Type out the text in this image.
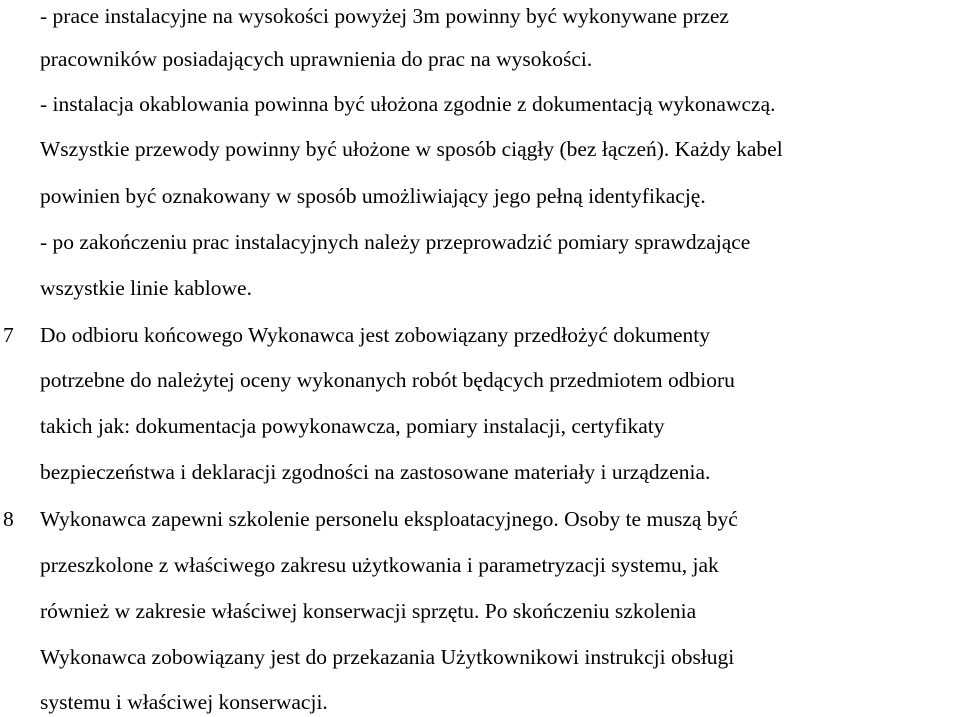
- prace instalacyjne na wysokości powyżej 3m powinny być wykonywane przez

pracowników posiadających uprawnienia do prac na wysokości.

- instalacja okablowania powinna być ułożona zgodnie z dokumentacją wykonawczą.

Wszystkie przewody powinny być ułożone w sposób ciągły (bez łączeń). Każdy kabel

powinien być oznakowany w sposób umożliwiający jego pełną identyfikację.

- po zakończeniu prac instalacyjnych należy przeprowadzić pomiary sprawdzające

wszystkie linie kablowe.

7 Do odbioru końcowego Wykonawca jest zobowiązany przedłożyć dokumenty

potrzebne do należytej oceny wykonanych robót będących przedmiotem odbioru

takich jak: dokumentacja powykonawcza, pomiary instalacji, certyfikaty

bezpieczeństwa i deklaracji zgodności na zastosowane materiały i urządzenia.

8 Wykonawca zapewni szkolenie personelu eksploatacyjnego. Osoby te muszą być

przeszkolone z właściwego zakresu użytkowania i parametryzacji systemu, jak

również w zakresie właściwej konserwacji sprzętu. Po skończeniu szkolenia

Wykonawca zobowiązany jest do przekazania Użytkownikowi instrukcji obsługi

systemu i właściwej konserwacji.
